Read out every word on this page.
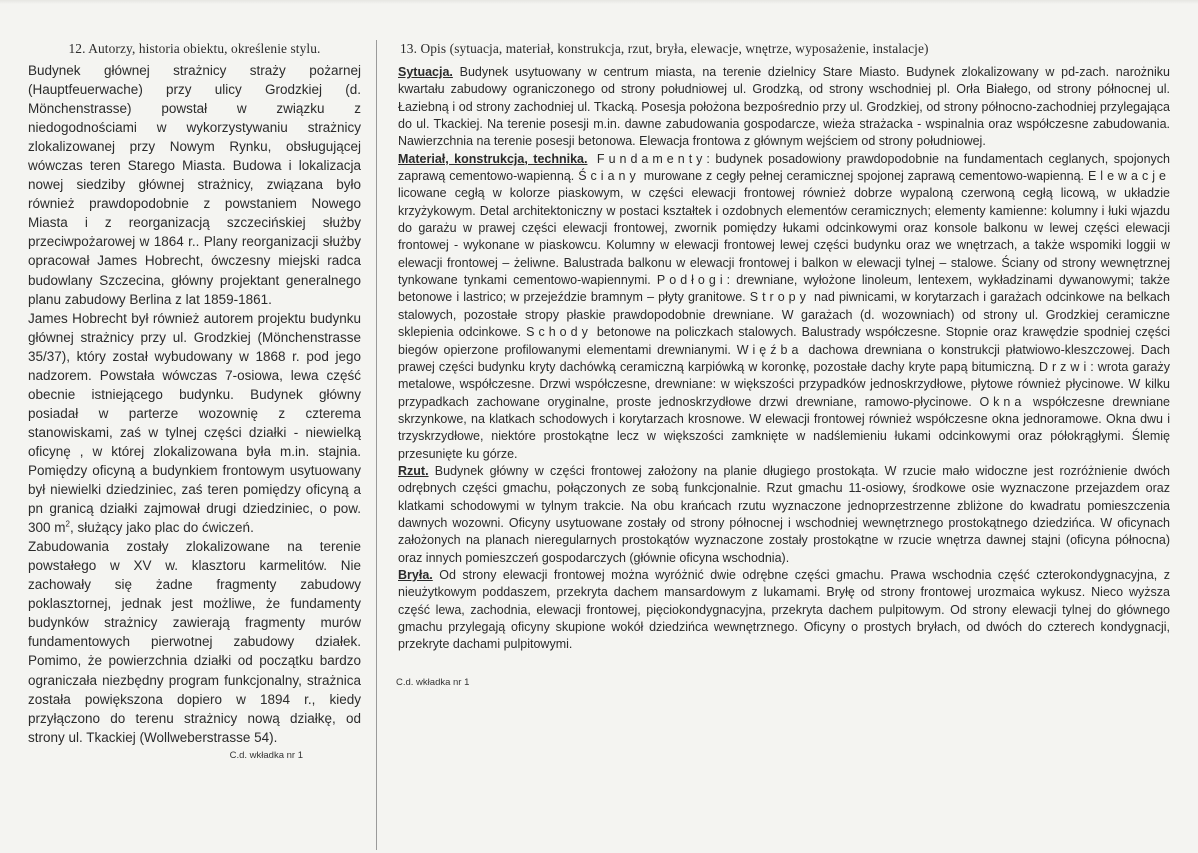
12. Autorzy, historia obiektu, określenie stylu.

Budynek głównej strażnicy straży pożarnej (Hauptfeuerwache) przy ulicy Grodzkiej (d. Mönchenstrasse) powstał w związku z niedogodnościami w wykorzystywaniu strażnicy zlokalizowanej przy Nowym Rynku, obsługującej wówczas teren Starego Miasta. Budowa i lokalizacja nowej siedziby głównej strażnicy, związana było również prawdopodobnie z powstaniem Nowego Miasta i z reorganizacją szczecińskiej służby przeciwpożarowej w 1864 r.. Plany reorganizacji służby opracował James Hobrecht, ówczesny miejski radca budowlany Szczecina, główny projektant generalnego planu zabudowy Berlina z lat 1859-1861.
James Hobrecht był również autorem projektu budynku głównej strażnicy przy ul. Grodzkiej (Mönchenstrasse 35/37), który został wybudowany w 1868 r. pod jego nadzorem. Powstała wówczas 7-osiowa, lewa część obecnie istniejącego budynku. Budynek główny posiadał w parterze wozownię z czterema stanowiskami, zaś w tylnej części działki - niewielką oficynę , w której zlokalizowana była m.in. stajnia. Pomiędzy oficyną a budynkiem frontowym usytuowany był niewielki dziedziniec, zaś teren pomiędzy oficyną a pn granicą działki zajmował drugi dziedziniec, o pow. 300 $m^2$, służący jako plac do ćwiczeń.
Zabudowania zostały zlokalizowane na terenie powstałego w XV w. klasztoru karmelitów. Nie zachowały się żadne fragmenty zabudowy poklasztornej, jednak jest możliwe, że fundamenty budynków strażnicy zawierają fragmenty murów fundamentowych pierwotnej zabudowy działek. Pomimo, że powierzchnia działki od początku bardzo ograniczała niezbędny program funkcjonalny, strażnica została powiększona dopiero w 1894 r., kiedy przyłączono do terenu strażnicy nową działkę, od strony ul. Tkackiej (Wollweberstrasse 54).

C.d. wkładka nr 1

13. Opis (sytuacja, materiał, konstrukcja, rzut, bryła, elewacje, wnętrze, wyposażenie, instalacje)

Sytuacja. Budynek usytuowany w centrum miasta, na terenie dzielnicy Stare Miasto. Budynek zlokalizowany w pd-zach. narożniku kwartału zabudowy ograniczonego od strony południowej ul. Grodzką, od strony wschodniej pl. Orła Białego, od strony północnej ul. Łaziebną i od strony zachodniej ul. Tkacką. Posesja położona bezpośrednio przy ul. Grodzkiej, od strony północno-zachodniej przylegająca do ul. Tkackiej. Na terenie posesji m.in. dawne zabudowania gospodarcze, wieża strażacka - wspinalnia oraz współczesne zabudowania. Nawierzchnia na terenie posesji betonowa. Elewacja frontowa z głównym wejściem od strony południowej.

Materiał, konstrukcja, technika. Fundamenty: budynek posadowiony prawdopodobnie na fundamentach ceglanych, spojonych zaprawą cementowo-wapienną. Ściany murowane z cegły pełnej ceramicznej spojonej zaprawą cementowo-wapienną. Elewacje licowane cegłą w kolorze piaskowym, w części elewacji frontowej również dobrze wypaloną czerwoną cegłą licową, w układzie krzyżykowym. Detal architektoniczny w postaci kształtek i ozdobnych elementów ceramicznych; elementy kamienne: kolumny i łuki wjazdu do garażu w prawej części elewacji frontowej, zwornik pomiędzy łukami odcinkowymi oraz konsole balkonu w lewej części elewacji frontowej - wykonane w piaskowcu. Kolumny w elewacji frontowej lewej części budynku oraz we wnętrzach, a także wspomiki loggii w elewacji frontowej – żeliwne. Balustrada balkonu w elewacji frontowej i balkon w elewacji tylnej – stalowe. Ściany od strony wewnętrznej tynkowane tynkami cementowo-wapiennymi. Podłogi: drewniane, wyłożone linoleum, lentexem, wykładzinami dywanowymi; także betonowe i lastrico; w przejeździe bramnym – płyty granitowe. Stropy nad piwnicami, w korytarzach i garażach odcinkowe na belkach stalowych, pozostałe stropy płaskie prawdopodobnie drewniane. W garażach (d. wozowniach) od strony ul. Grodzkiej ceramiczne sklepienia odcinkowe. Schody betonowe na policzkach stalowych. Balustrady współczesne. Stopnie oraz krawędzie spodniej części biegów opierzone profilowanymi elementami drewnianymi. Więźba dachowa drewniana o konstrukcji płatwiowo-kleszczowej. Dach prawej części budynku kryty dachówką ceramiczną karpiówką w koronkę, pozostałe dachy kryte papą bitumiczną. Drzwi: wrota garaży metalowe, współczesne. Drzwi współczesne, drewniane: w większości przypadków jednoskrzydłowe, płytowe również płycinowe. W kilku przypadkach zachowane oryginalne, proste jednoskrzydłowe drzwi drewniane, ramowo-płycinowe. Okna współczesne drewniane skrzynkowe, na klatkach schodowych i korytarzach krosnowe. W elewacji frontowej również współczesne okna jednoramowe. Okna dwu i trzyskrzydłowe, niektóre prostokątne lecz w większości zamknięte w nadślemieniu łukami odcinkowymi oraz półokrągłymi. Ślemię przesunięte ku górze.

Rzut. Budynek główny w części frontowej założony na planie długiego prostokąta. W rzucie mało widoczne jest rozróżnienie dwóch odrębnych części gmachu, połączonych ze sobą funkcjonalnie. Rzut gmachu 11-osiowy, środkowe osie wyznaczone przejazdem oraz klatkami schodowymi w tylnym trakcie. Na obu krańcach rzutu wyznaczone jednoprzestrzenne zbliżone do kwadratu pomieszczenia dawnych wozowni. Oficyny usytuowane zostały od strony północnej i wschodniej wewnętrznego prostokątnego dziedzińca. W oficynach założonych na planach nieregularnych prostokątów wyznaczone zostały prostokątne w rzucie wnętrza dawnej stajni (oficyna północna) oraz innych pomieszczeń gospodarczych (głównie oficyna wschodnia).

Bryła. Od strony elewacji frontowej można wyróżnić dwie odrębne części gmachu. Prawa wschodnia część czterokondygnacyjna, z nieużytkowym poddaszem, przekryta dachem mansardowym z lukamami. Bryłę od strony frontowej urozmaica wykusz. Nieco wyższa część lewa, zachodnia, elewacji frontowej, pięciokondygnacyjna, przekryta dachem pulpitowym. Od strony elewacji tylnej do głównego gmachu przylegają oficyny skupione wokół dziedzińca wewnętrznego. Oficyny o prostych bryłach, od dwóch do czterech kondygnacji, przekryte dachami pulpitowymi.

C.d. wkładka nr 1
